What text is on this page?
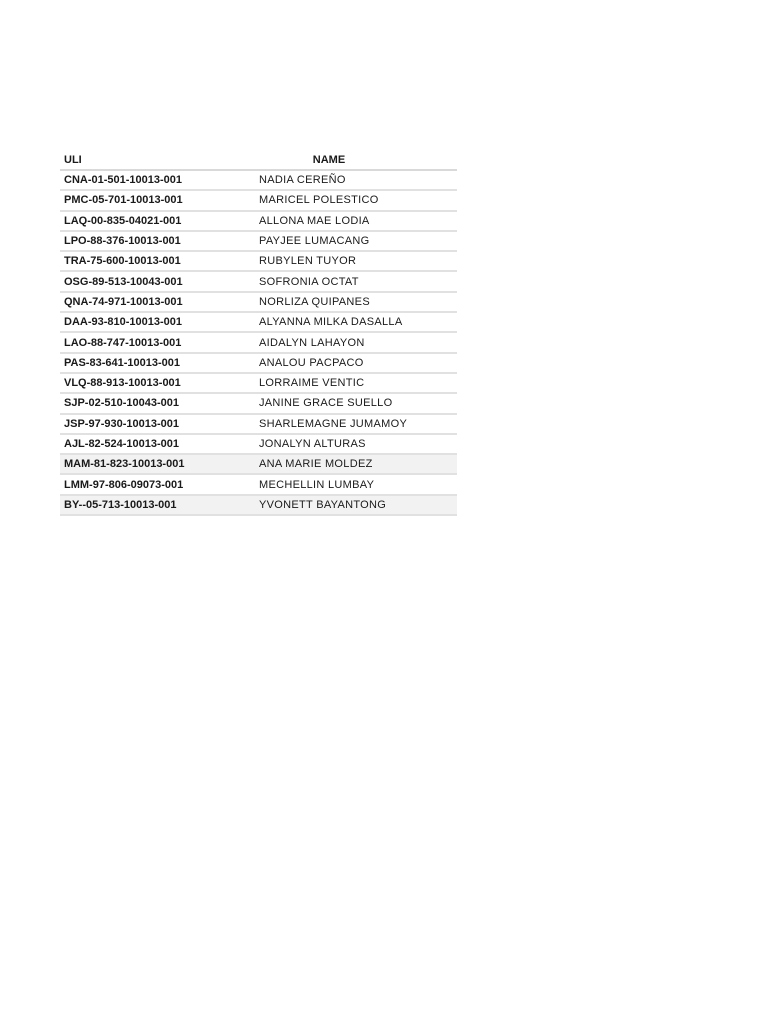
ULI	NAME
CNA-01-501-10013-001	NADIA CEREÑO
PMC-05-701-10013-001	MARICEL POLESTICO
LAQ-00-835-04021-001	ALLONA MAE LODIA
LPO-88-376-10013-001	PAYJEE LUMACANG
TRA-75-600-10013-001	RUBYLEN TUYOR
OSG-89-513-10043-001	SOFRONIA OCTAT
QNA-74-971-10013-001	NORLIZA QUIPANES
DAA-93-810-10013-001	ALYANNA MILKA DASALLA
LAO-88-747-10013-001	AIDALYN LAHAYON
PAS-83-641-10013-001	ANALOU PACPACO
VLQ-88-913-10013-001	LORRAIME VENTIC
SJP-02-510-10043-001	JANINE GRACE SUELLO
JSP-97-930-10013-001	SHARLEMAGNE JUMAMOY
AJL-82-524-10013-001	JONALYN ALTURAS
MAM-81-823-10013-001	ANA MARIE MOLDEZ
LMM-97-806-09073-001	MECHELLIN LUMBAY
BY--05-713-10013-001	YVONETT BAYANTONG
